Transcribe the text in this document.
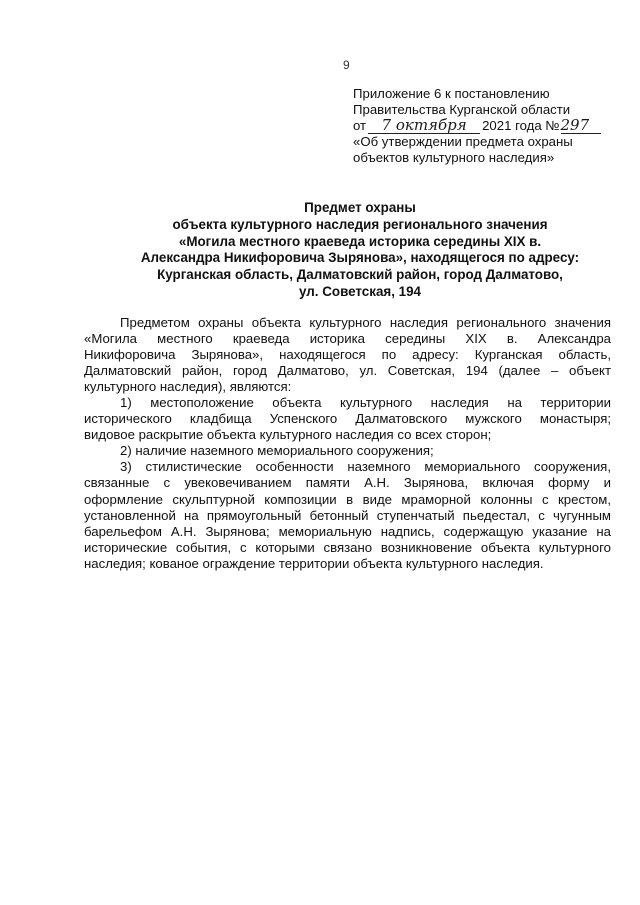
9
Приложение 6 к постановлению
Правительства Курганской области
от 7 октября 2021 года №297
«Об утверждении предмета охраны
объектов культурного наследия»
Предмет охраны
объекта культурного наследия регионального значения
«Могила местного краеведа историка середины XIX в.
Александра Никифоровича Зырянова», находящегося по адресу:
Курганская область, Далматовский район, город Далматово,
ул. Советская, 194
Предметом охраны объекта культурного наследия регионального значения
«Могила местного краеведа историка середины XIX в. Александра
Никифоровича Зырянова», находящегося по адресу: Курганская область,
Далматовский район, город Далматово, ул. Советская, 194 (далее – объект
культурного наследия), являются:
1) местоположение объекта культурного наследия на территории
исторического кладбища Успенского Далматовского мужского монастыря;
видовое раскрытие объекта культурного наследия со всех сторон;
2) наличие наземного мемориального сооружения;
3) стилистические особенности наземного мемориального сооружения,
связанные с увековечиванием памяти А.Н. Зырянова, включая форму и
оформление скульптурной композиции в виде мраморной колонны с крестом,
установленной на прямоугольный бетонный ступенчатый пьедестал, с чугунным
барельефом А.Н. Зырянова; мемориальную надпись, содержащую указание на
исторические события, с которыми связано возникновение объекта культурного
наследия; кованое ограждение территории объекта культурного наследия.
